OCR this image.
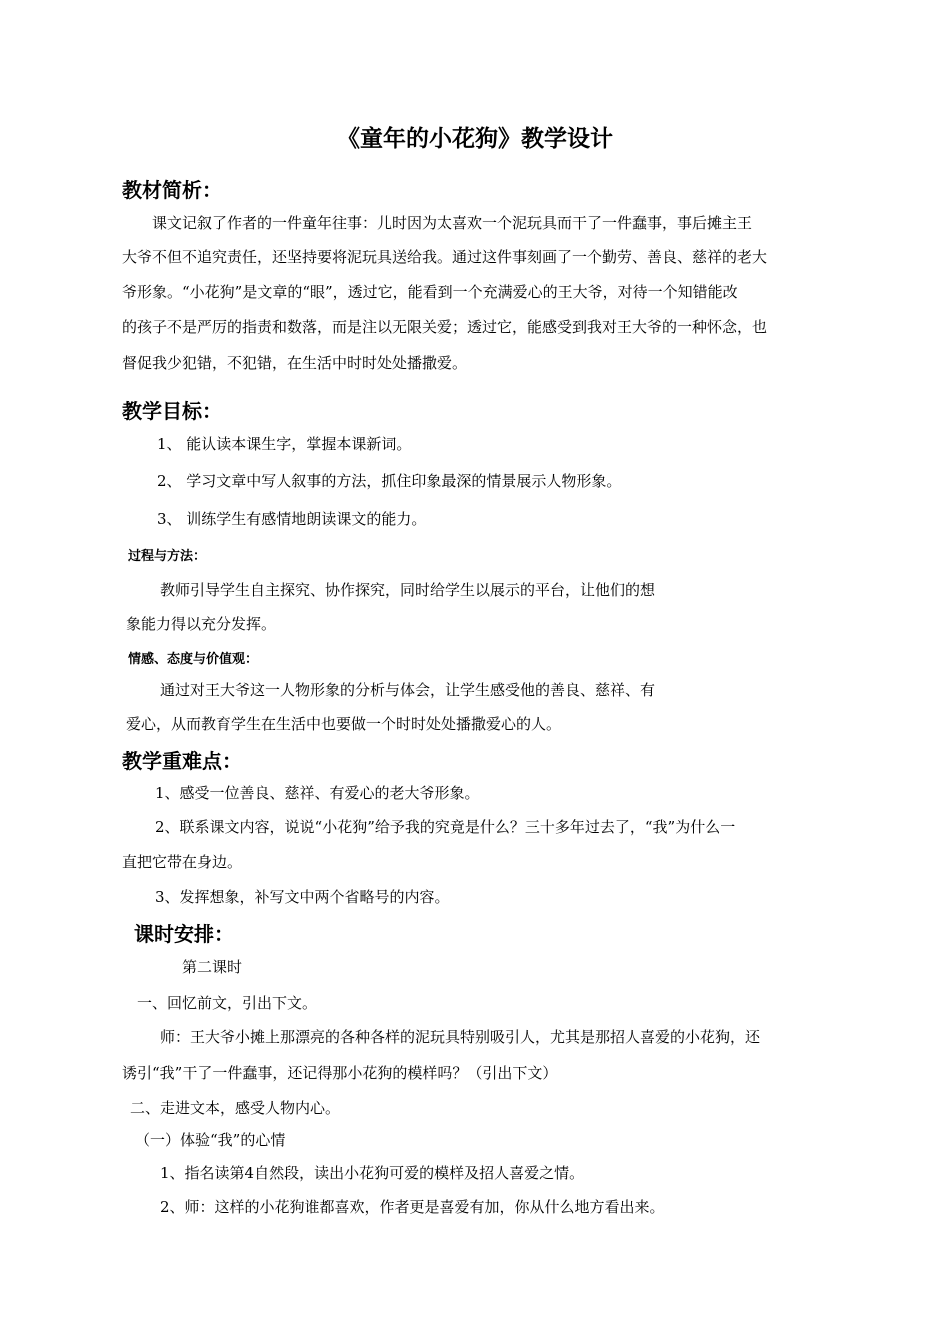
《童年的小花狗》教学设计
教材简析：
课文记叙了作者的一件童年往事：儿时因为太喜欢一个泥玩具而干了一件蠢事，事后摊主王
大爷不但不追究责任，还坚持要将泥玩具送给我。通过这件事刻画了一个勤劳、善良、慈祥的老大
爷形象。“小花狗”是文章的“眼”，透过它，能看到一个充满爱心的王大爷，对待一个知错能改
的孩子不是严厉的指责和数落，而是注以无限关爱；透过它，能感受到我对王大爷的一种怀念，也
督促我少犯错，不犯错，在生活中时时处处播撒爱。
教学目标：
1、 能认读本课生字，掌握本课新词。
2、 学习文章中写人叙事的方法，抓住印象最深的情景展示人物形象。
3、 训练学生有感情地朗读课文的能力。
过程与方法：
教师引导学生自主探究、协作探究，同时给学生以展示的平台，让他们的想
象能力得以充分发挥。
情感、态度与价值观：
通过对王大爷这一人物形象的分析与体会，让学生感受他的善良、慈祥、有
爱心，从而教育学生在生活中也要做一个时时处处播撒爱心的人。
教学重难点：
1、感受一位善良、慈祥、有爱心的老大爷形象。
2、联系课文内容，说说“小花狗”给予我的究竟是什么？三十多年过去了，“我”为什么一
直把它带在身边。
3、发挥想象，补写文中两个省略号的内容。
课时安排：
第二课时
一、回忆前文，引出下文。
师：王大爷小摊上那漂亮的各种各样的泥玩具特别吸引人，尤其是那招人喜爱的小花狗，还
诱引“我”干了一件蠢事，还记得那小花狗的模样吗？（引出下文）
二、走进文本，感受人物内心。
（一）体验“我”的心情
1、指名读第4自然段，读出小花狗可爱的模样及招人喜爱之情。
2、师：这样的小花狗谁都喜欢，作者更是喜爱有加，你从什么地方看出来。
